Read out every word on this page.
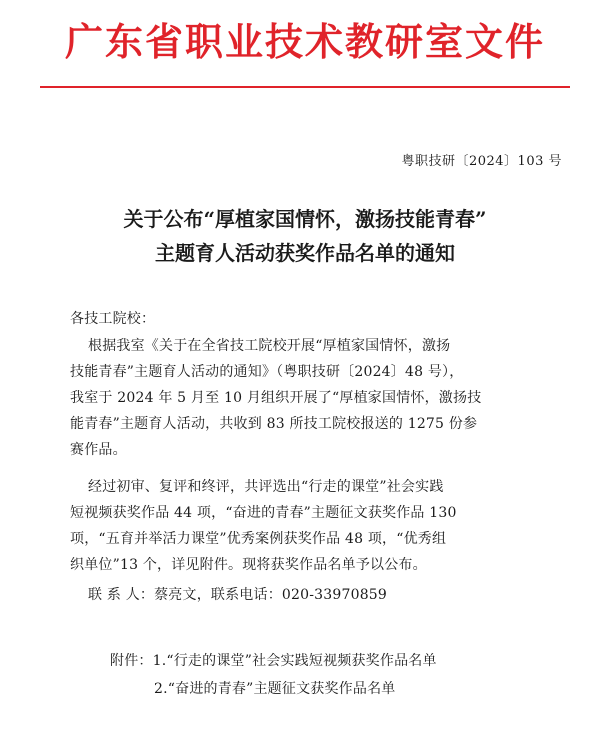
广东省职业技术教研室文件
粤职技研〔2024〕103 号
关于公布“厚植家国情怀，激扬技能青春”
主题育人活动获奖作品名单的通知
各技工院校：
根据我室《关于在全省技工院校开展“厚植家国情怀，激扬
技能青春”主题育人活动的通知》（粤职技研〔2024〕48 号），
我室于 2024 年 5 月至 10 月组织开展了“厚植家国情怀，激扬技
能青春”主题育人活动，共收到 83 所技工院校报送的 1275 份参
赛作品。
经过初审、复评和终评，共评选出“行走的课堂”社会实践
短视频获奖作品 44 项，“奋进的青春”主题征文获奖作品 130
项，“五育并举活力课堂”优秀案例获奖作品 48 项，“优秀组
织单位”13 个，详见附件。现将获奖作品名单予以公布。
联 系 人：蔡亮文，联系电话：020-33970859
附件：1.“行走的课堂”社会实践短视频获奖作品名单
2.“奋进的青春”主题征文获奖作品名单
